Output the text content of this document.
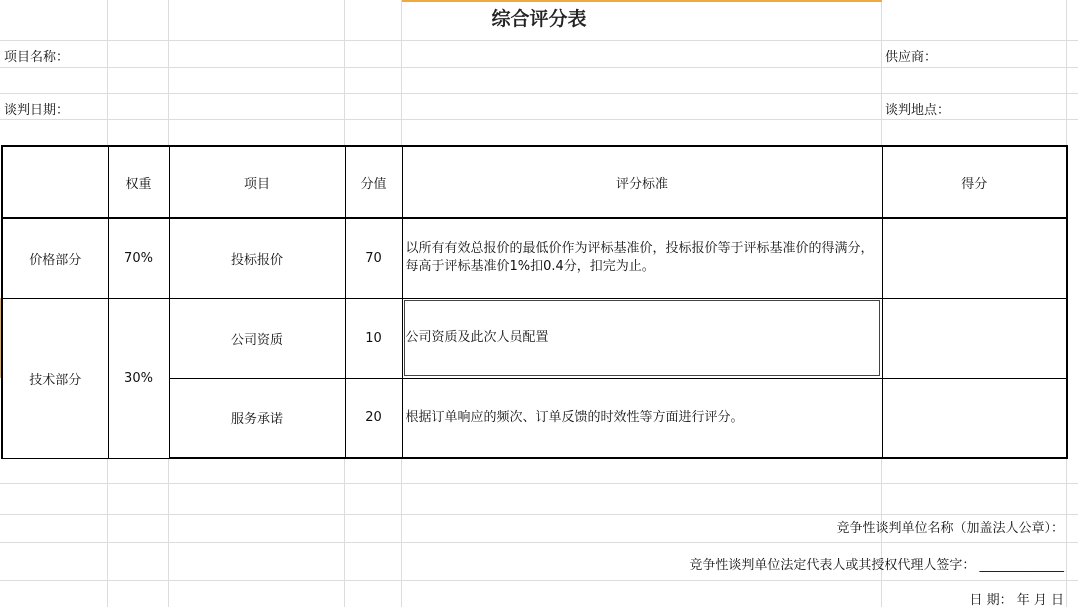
综合评分表
项目名称：	供应商：
谈判日期：	谈判地点：
	权重	项目	分值	评分标准	得分
价格部分	70%	投标报价	70	以所有有效总报价的最低价作为评标基准价，投标报价等于评标基准价的得满分，每高于评标基准价1%扣0.4分，扣完为止。	
技术部分	30%	公司资质	10	公司资质及此次人员配置	
		服务承诺	20	根据订单响应的频次、订单反馈的时效性等方面进行评分。	
竞争性谈判单位名称（加盖法人公章）：
竞争性谈判单位法定代表人或其授权代理人签字： _____________
日 期： 年 月 日
